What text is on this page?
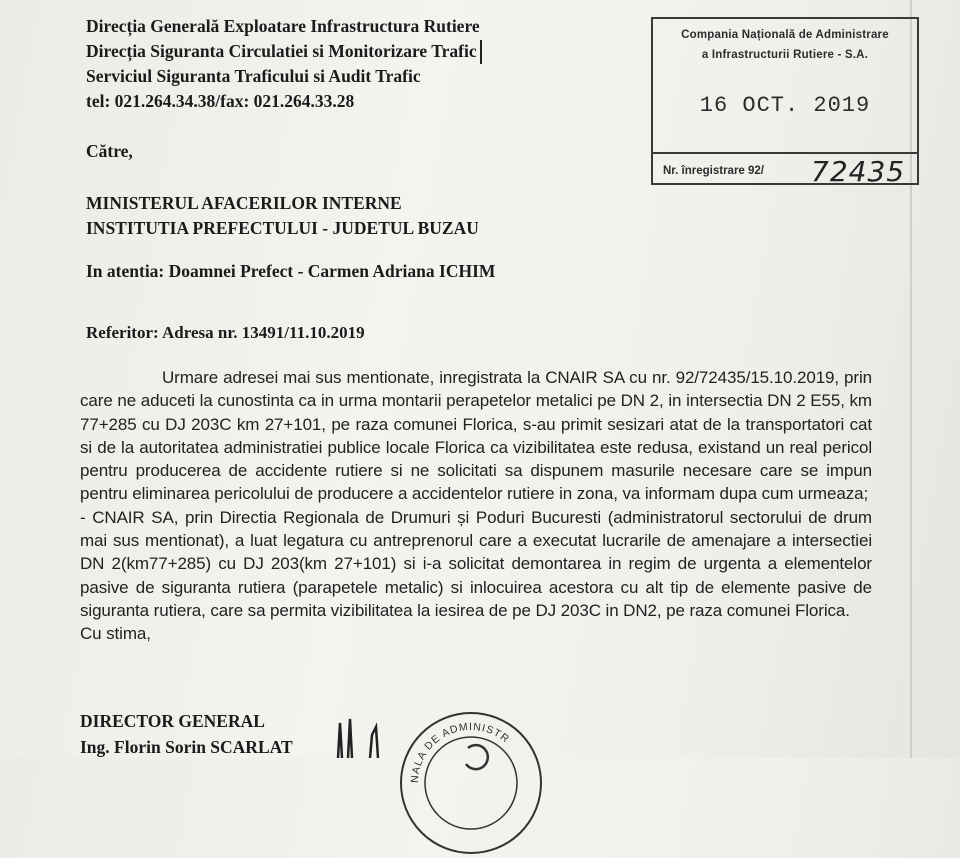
Direcția Generală Exploatare Infrastructura Rutiere
Direcția Siguranta Circulatiei si Monitorizare Trafic
Serviciul Siguranta Traficului si Audit Trafic
tel: 021.264.34.38/fax: 021.264.33.28
Compania Națională de Administrare
a Infrastructurii Rutiere - S.A.
16 OCT. 2019
Nr. înregistrare 92/ 72435
Către,
MINISTERUL AFACERILOR INTERNE
INSTITUTIA PREFECTULUI - JUDETUL BUZAU
In atentia: Doamnei Prefect - Carmen Adriana ICHIM
Referitor: Adresa nr. 13491/11.10.2019

Urmare adresei mai sus mentionate, inregistrata la CNAIR SA cu nr. 92/72435/15.10.2019, prin care ne aduceti la cunostinta ca in urma montarii perapetelor metalici pe DN 2, in intersectia DN 2 E55, km 77+285 cu DJ 203C km 27+101, pe raza comunei Florica, s-au primit sesizari atat de la transportatori cat si de la autoritatea administratiei publice locale Florica ca vizibilitatea este redusa, existand un real pericol pentru producerea de accidente rutiere si ne solicitati sa dispunem masurile necesare care se impun pentru eliminarea pericolului de producere a accidentelor rutiere in zona, va informam dupa cum urmeaza;

- CNAIR SA, prin Directia Regionala de Drumuri și Poduri Bucuresti (administratorul sectorului de drum mai sus mentionat), a luat legatura cu antreprenorul care a executat lucrarile de amenajare a intersectiei DN 2(km77+285) cu DJ 203(km 27+101) si i-a solicitat demontarea in regim de urgenta a elementelor pasive de siguranta rutiera (parapetele metalic) si inlocuirea acestora cu alt tip de elemente pasive de siguranta rutiera, care sa permita vizibilitatea la iesirea de pe DJ 203C in DN2, pe raza comunei Florica.

Cu stima,

DIRECTOR GENERAL
Ing. Florin Sorin SCARLAT
NALA DE ADMINISTR
